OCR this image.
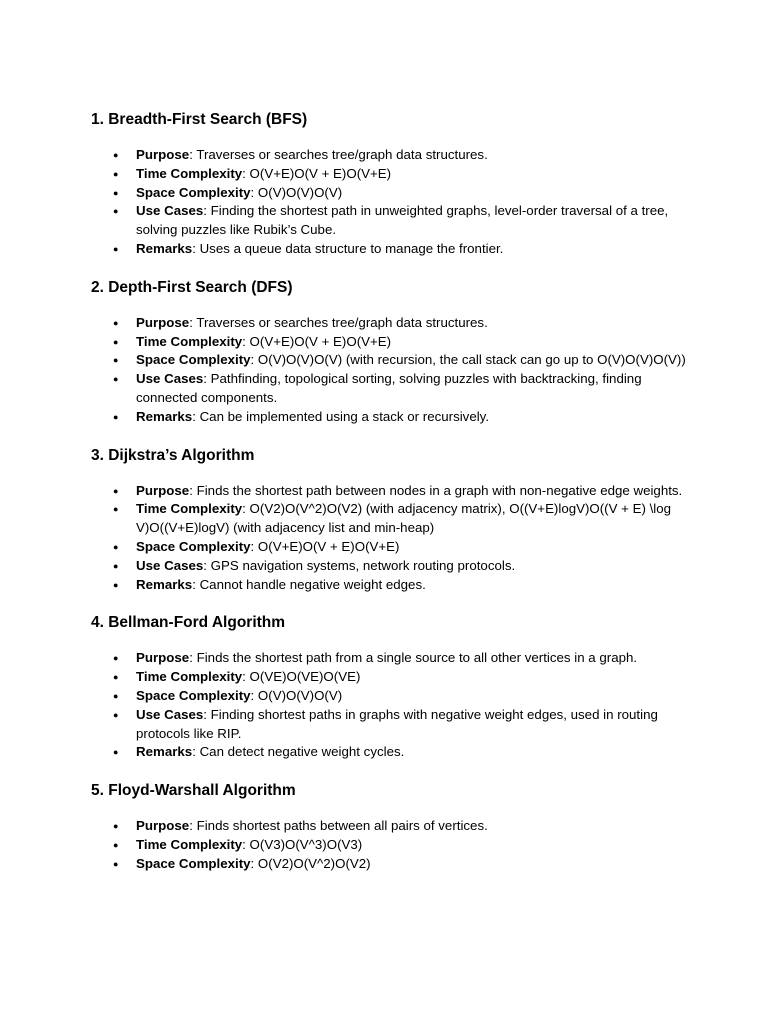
1. Breadth-First Search (BFS)
● Purpose: Traverses or searches tree/graph data structures.
● Time Complexity: O(V+E)O(V + E)O(V+E)
● Space Complexity: O(V)O(V)O(V)
● Use Cases: Finding the shortest path in unweighted graphs, level-order traversal of a tree, solving puzzles like Rubik’s Cube.
● Remarks: Uses a queue data structure to manage the frontier.
2. Depth-First Search (DFS)
● Purpose: Traverses or searches tree/graph data structures.
● Time Complexity: O(V+E)O(V + E)O(V+E)
● Space Complexity: O(V)O(V)O(V) (with recursion, the call stack can go up to O(V)O(V)O(V))
● Use Cases: Pathfinding, topological sorting, solving puzzles with backtracking, finding connected components.
● Remarks: Can be implemented using a stack or recursively.
3. Dijkstra’s Algorithm
● Purpose: Finds the shortest path between nodes in a graph with non-negative edge weights.
● Time Complexity: O(V2)O(V^2)O(V2) (with adjacency matrix), O((V+E)logV)O((V + E) \log V)O((V+E)logV) (with adjacency list and min-heap)
● Space Complexity: O(V+E)O(V + E)O(V+E)
● Use Cases: GPS navigation systems, network routing protocols.
● Remarks: Cannot handle negative weight edges.
4. Bellman-Ford Algorithm
● Purpose: Finds the shortest path from a single source to all other vertices in a graph.
● Time Complexity: O(VE)O(VE)O(VE)
● Space Complexity: O(V)O(V)O(V)
● Use Cases: Finding shortest paths in graphs with negative weight edges, used in routing protocols like RIP.
● Remarks: Can detect negative weight cycles.
5. Floyd-Warshall Algorithm
● Purpose: Finds shortest paths between all pairs of vertices.
● Time Complexity: O(V3)O(V^3)O(V3)
● Space Complexity: O(V2)O(V^2)O(V2)
